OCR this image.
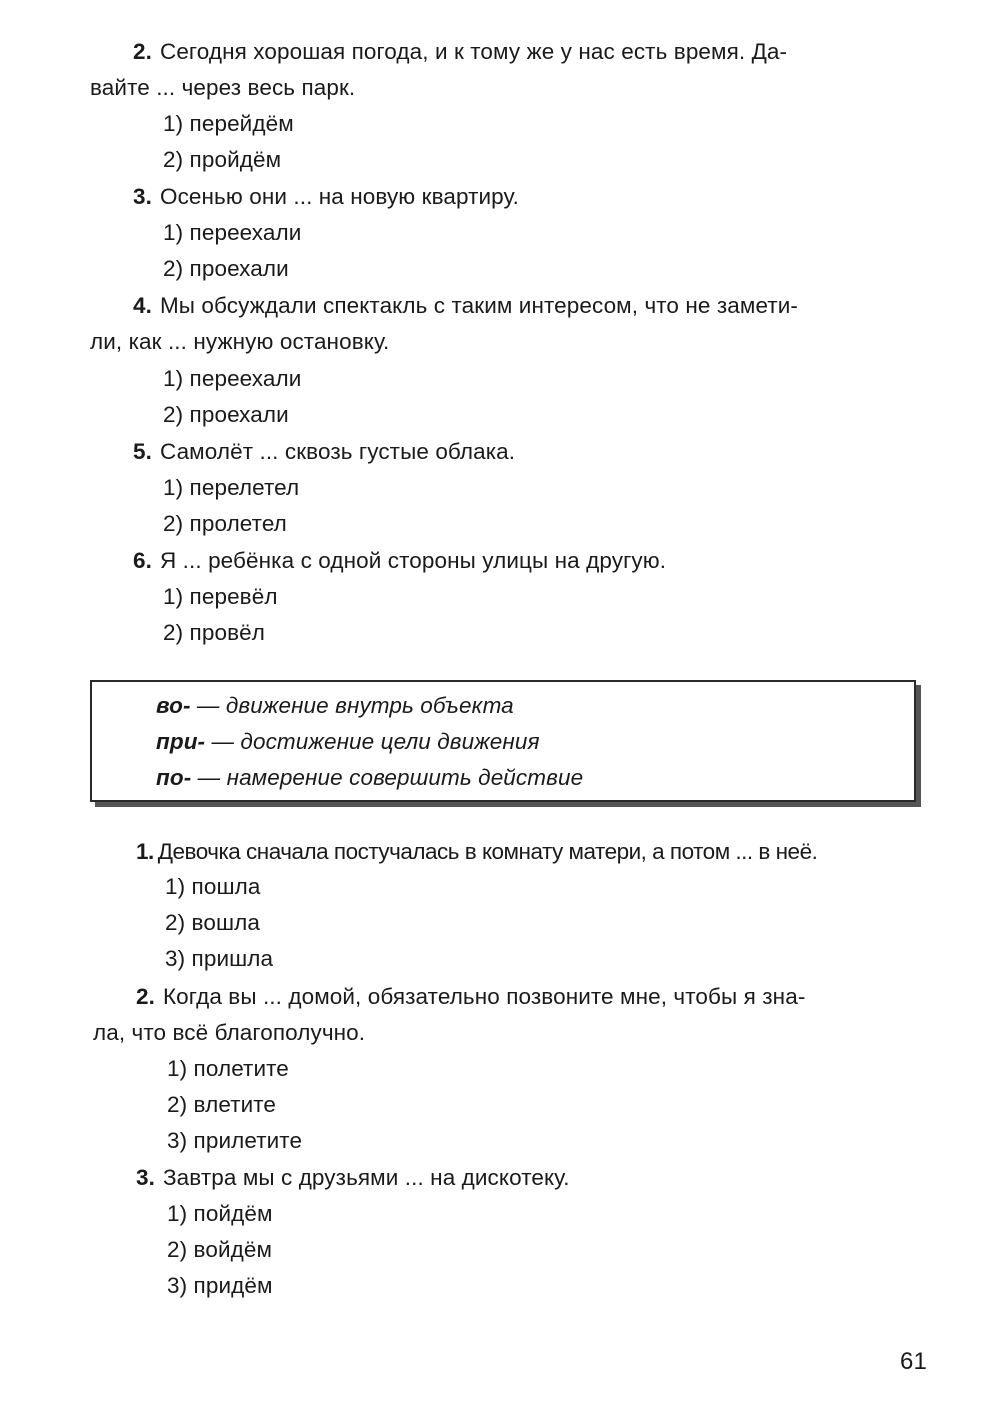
2. Сегодня хорошая погода, и к тому же у нас есть время. Да-
вайте ... через весь парк.
1) перейдём
2) пройдём
3. Осенью они ... на новую квартиру.
1) переехали
2) проехали
4. Мы обсуждали спектакль с таким интересом, что не замети-
ли, как ... нужную остановку.
1) переехали
2) проехали
5. Самолёт ... сквозь густые облака.
1) перелетел
2) пролетел
6. Я ... ребёнка с одной стороны улицы на другую.
1) перевёл
2) провёл
во- — движение внутрь объекта
при- — достижение цели движения
по- — намерение совершить действие
1. Девочка сначала постучалась в комнату матери, а потом ... в неё.
1) пошла
2) вошла
3) пришла
2. Когда вы ... домой, обязательно позвоните мне, чтобы я зна-
ла, что всё благополучно.
1) полетите
2) влетите
3) прилетите
3. Завтра мы с друзьями ... на дискотеку.
1) пойдём
2) войдём
3) придём
61
